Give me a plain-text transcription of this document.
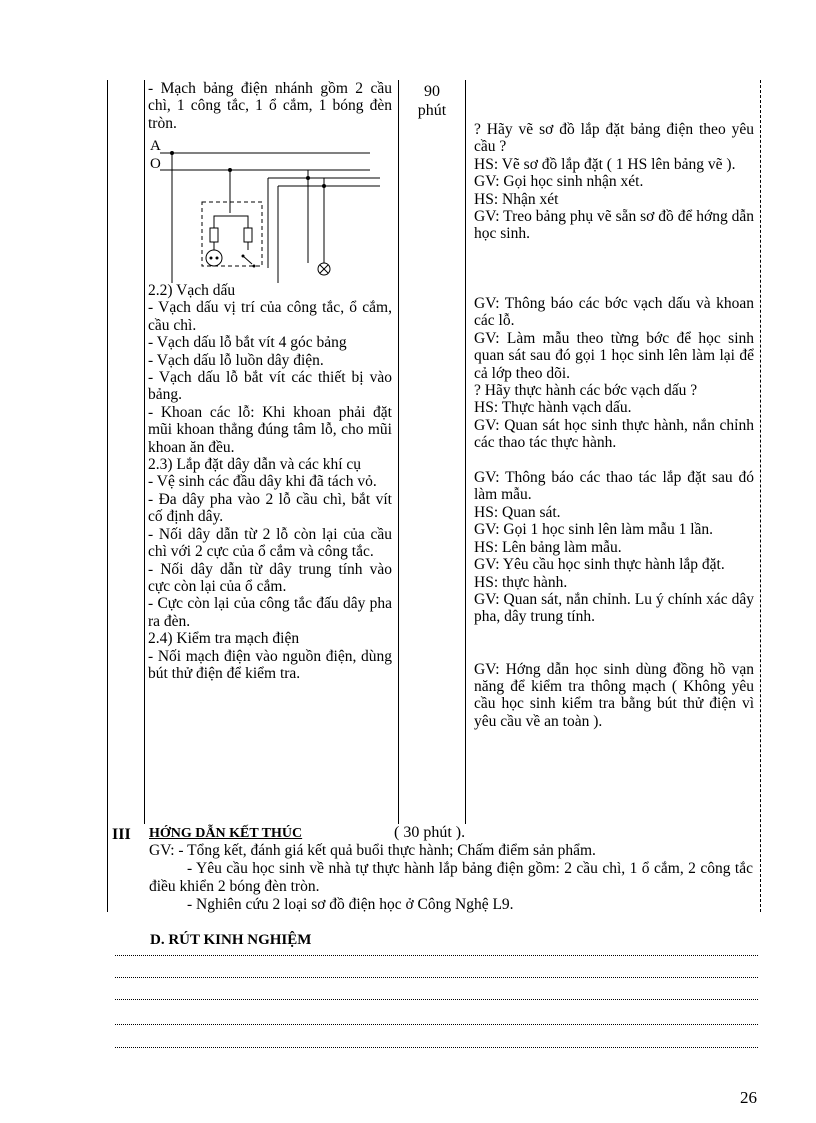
- Mạch bảng điện nhánh gồm 2 cầu chì, 1 công tắc, 1 ổ cắm, 1 bóng đèn tròn.
A
O
2.2) Vạch dấu
- Vạch dấu vị trí của công tắc, ổ cắm, cầu chì.
- Vạch dấu lỗ bắt vít 4 góc bảng
- Vạch dấu lỗ luồn dây điện.
- Vạch dấu lỗ bắt vít các thiết bị vào bảng.
- Khoan các lỗ: Khi khoan phải đặt mũi khoan thẳng đúng tâm lỗ, cho mũi khoan ăn đều.
2.3) Lắp đặt dây dẫn và các khí cụ
- Vệ sinh các đầu dây khi đã tách vỏ.
- Đa dây pha vào 2 lỗ cầu chì, bắt vít cố định dây.
- Nối dây dẫn từ 2 lỗ còn lại của cầu chì với 2 cực của ổ cắm và công tắc.
- Nối dây dẫn từ dây trung tính vào cực còn lại của ổ cắm.
- Cực còn lại của công tắc đấu dây pha ra đèn.
2.4) Kiểm tra mạch điện
- Nối mạch điện vào nguồn điện, dùng bút thử điện để kiểm tra.
90
phút
? Hãy vẽ sơ đồ lắp đặt bảng điện theo yêu cầu ?
HS: Vẽ sơ đồ lắp đặt ( 1 HS lên bảng vẽ ).
GV: Gọi học sinh nhận xét.
HS: Nhận xét
GV: Treo bảng phụ vẽ sẵn sơ đồ để hớng dẫn học sinh.
GV: Thông báo các bớc vạch dấu và khoan các lỗ.
GV: Làm mẫu theo từng bớc để học sinh quan sát sau đó gọi 1 học sinh lên làm lại để cả lớp theo dõi.
? Hãy thực hành các bớc vạch dấu ?
HS: Thực hành vạch dấu.
GV: Quan sát học sinh thực hành, nắn chỉnh các thao tác thực hành.
GV: Thông báo các thao tác lắp đặt sau đó làm mẫu.
HS: Quan sát.
GV: Gọi 1 học sinh lên làm mẫu 1 lần.
HS: Lên bảng làm mẫu.
GV: Yêu cầu học sinh thực hành lắp đặt.
HS: thực hành.
GV: Quan sát, nắn chỉnh. Lu ý chính xác dây pha, dây trung tính.
GV: Hớng dẫn học sinh dùng đồng hồ vạn năng để kiểm tra thông mạch ( Không yêu cầu học sinh kiểm tra bằng bút thử điện vì yêu cầu về an toàn ).
III HỚNG DẪN KẾT THÚC	( 30 phút ).
GV: - Tổng kết, đánh giá kết quả buổi thực hành; Chấm điểm sản phẩm.
- Yêu cầu học sinh về nhà tự thực hành lắp bảng điện gồm: 2 cầu chì, 1 ổ cắm, 2 công tắc điều khiển 2 bóng đèn tròn.
- Nghiên cứu 2 loại sơ đồ điện học ở Công Nghệ L9.
D. RÚT KINH NGHIỆM
26
